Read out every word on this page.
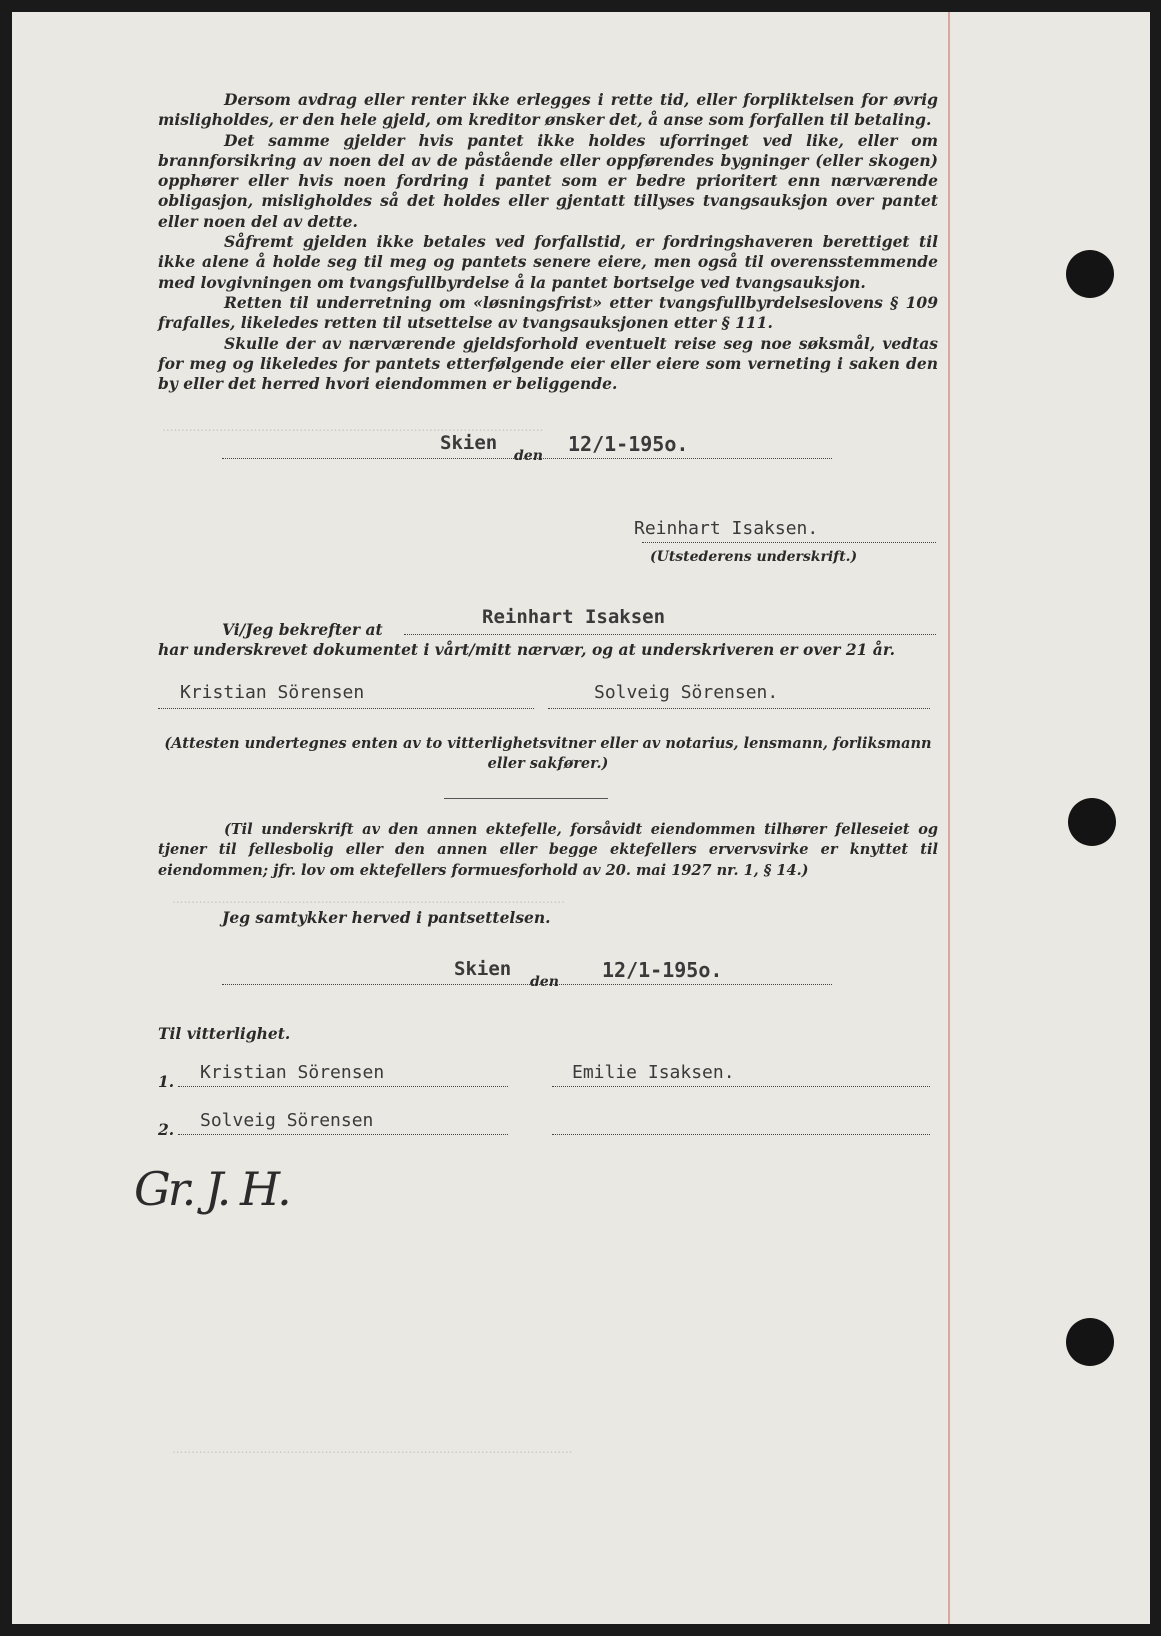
....................................................................................................
.......................................................................................................
.........................................................................................................

Dersom avdrag eller renter ikke erlegges i rette tid, eller forpliktelsen for øvrig misligholdes, er den hele gjeld, om kreditor ønsker det, å anse som forfallen til betaling.

Det samme gjelder hvis pantet ikke holdes uforringet ved like, eller om brannforsikring av noen del av de påstående eller oppførendes bygninger (eller skogen) opphører eller hvis noen fordring i pantet som er bedre prioritert enn nærværende obligasjon, misligholdes så det holdes eller gjentatt tillyses tvangsauksjon over pantet eller noen del av dette.

Såfremt gjelden ikke betales ved forfallstid, er fordringshaveren berettiget til ikke alene å holde seg til meg og pantets senere eiere, men også til overensstemmende med lovgivningen om tvangsfullbyrdelse å la pantet bortselge ved tvangsauksjon.

Retten til underretning om «løsningsfrist» etter tvangsfullbyrdelseslovens § 109 frafalles, likeledes retten til utsettelse av tvangsauksjonen etter § 111.

Skulle der av nærværende gjeldsforhold eventuelt reise seg noe søksmål, vedtas for meg og likeledes for pantets etterfølgende eier eller eiere som verneting i saken den by eller det herred hvori eiendommen er beliggende.

Skien
den 12/1-195o.
Reinhart Isaksen.
(Utstederens underskrift.)
Vi/Jeg bekrefter at
Reinhart Isaksen
har underskrevet dokumentet i vårt/mitt nærvær, og at underskriveren er over 21 år.
Kristian Sörensen	Solveig Sörensen.
(Attesten undertegnes enten av to vitterlighetsvitner eller av notarius, lensmann, forliksmann eller sakfører.)

(Til underskrift av den annen ektefelle, forsåvidt eiendommen tilhører felleseiet og tjener til fellesbolig eller den annen eller begge ektefellers ervervsvirke er knyttet til eiendommen; jfr. lov om ektefellers formuesforhold av 20. mai 1927 nr. 1, § 14.)

Jeg samtykker herved i pantsettelsen.
Skien
den 12/1-195o.
Til vitterlighet.
1. Kristian Sörensen	Emilie Isaksen.
2. Solveig Sörensen
Gr. J. H.
